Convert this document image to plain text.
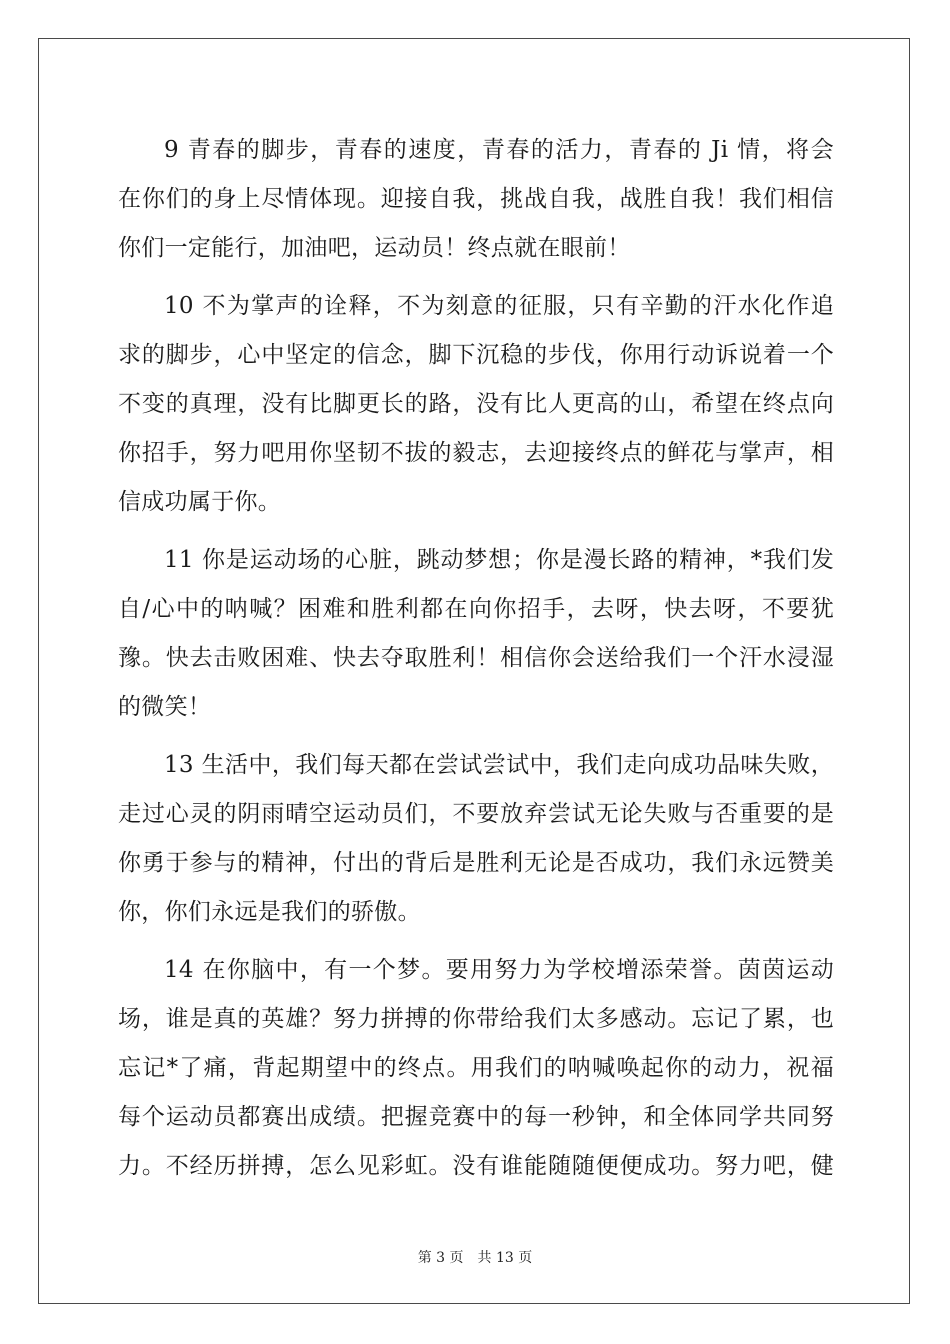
9 青春的脚步，青春的速度，青春的活力，青春的 Ji 情，将会
在你们的身上尽情体现。迎接自我，挑战自我，战胜自我！我们相信
你们一定能行，加油吧，运动员！终点就在眼前！
10 不为掌声的诠释，不为刻意的征服，只有辛勤的汗水化作追
求的脚步，心中坚定的信念，脚下沉稳的步伐，你用行动诉说着一个
不变的真理，没有比脚更长的路，没有比人更高的山，希望在终点向
你招手，努力吧用你坚韧不拔的毅志，去迎接终点的鲜花与掌声，相
信成功属于你。
11 你是运动场的心脏，跳动梦想；你是漫长路的精神，*我们发
自/心中的呐喊？困难和胜利都在向你招手，去呀，快去呀，不要犹
豫。快去击败困难、快去夺取胜利！相信你会送给我们一个汗水浸湿
的微笑！
13 生活中，我们每天都在尝试尝试中，我们走向成功品味失败，
走过心灵的阴雨晴空运动员们，不要放弃尝试无论失败与否重要的是
你勇于参与的精神，付出的背后是胜利无论是否成功，我们永远赞美
你，你们永远是我们的骄傲。
14 在你脑中，有一个梦。要用努力为学校增添荣誉。茵茵运动
场，谁是真的英雄？努力拼搏的你带给我们太多感动。忘记了累，也
忘记*了痛，背起期望中的终点。用我们的呐喊唤起你的动力，祝福
每个运动员都赛出成绩。把握竞赛中的每一秒钟，和全体同学共同努
力。不经历拼搏，怎么见彩虹。没有谁能随随便便成功。努力吧，健
第 3 页 共 13 页
